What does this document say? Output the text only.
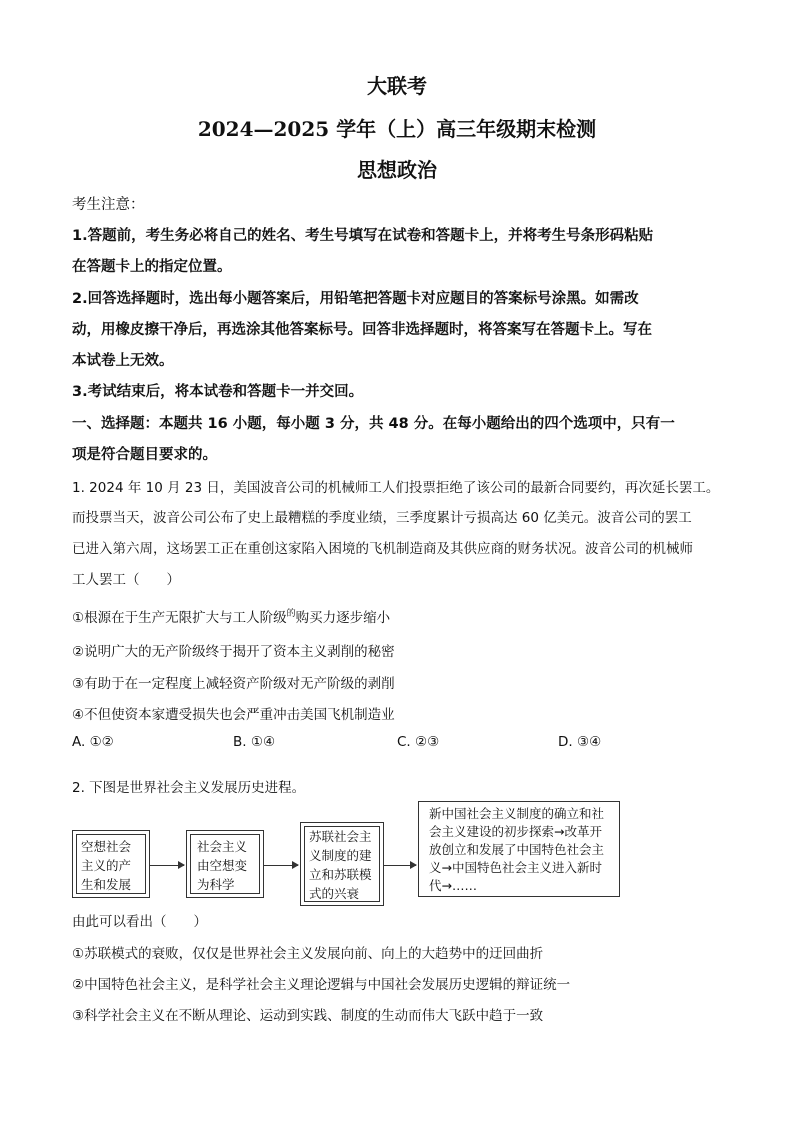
大联考
2024—2025 学年（上）高三年级期末检测
思想政治
考生注意：
1.答题前，考生务必将自己的姓名、考生号填写在试卷和答题卡上，并将考生号条形码粘贴
在答题卡上的指定位置。
2.回答选择题时，选出每小题答案后，用铅笔把答题卡对应题目的答案标号涂黑。如需改
动，用橡皮擦干净后，再选涂其他答案标号。回答非选择题时，将答案写在答题卡上。写在
本试卷上无效。
3.考试结束后，将本试卷和答题卡一并交回。
一、选择题：本题共 16 小题，每小题 3 分，共 48 分。在每小题给出的四个选项中，只有一
项是符合题目要求的。
1. 2024 年 10 月 23 日，美国波音公司的机械师工人们投票拒绝了该公司的最新合同要约，再次延长罢工。
而投票当天，波音公司公布了史上最糟糕的季度业绩，三季度累计亏损高达 60 亿美元。波音公司的罢工
已进入第六周，这场罢工正在重创这家陷入困境的飞机制造商及其供应商的财务状况。波音公司的机械师
工人罢工（　　）
①根源在于生产无限扩大与工人阶级$^的$购买力逐步缩小
②说明广大的无产阶级终于揭开了资本主义剥削的秘密
③有助于在一定程度上减轻资产阶级对无产阶级的剥削
④不但使资本家遭受损失也会严重冲击美国飞机制造业
A. ①②	B. ①④	C. ②③	D. ③④
2. 下图是世界社会主义发展历史进程。
空想社会主义的产生和发展
社会主义由空想变为科学
苏联社会主义制度的建立和苏联模式的兴衰
新中国社会主义制度的确立和社会主义建设的初步探索→改革开放创立和发展了中国特色社会主义→中国特色社会主义进入新时代→……
由此可以看出（　　）
①苏联模式的衰败，仅仅是世界社会主义发展向前、向上的大趋势中的迂回曲折
②中国特色社会主义，是科学社会主义理论逻辑与中国社会发展历史逻辑的辩证统一
③科学社会主义在不断从理论、运动到实践、制度的生动而伟大飞跃中趋于一致
